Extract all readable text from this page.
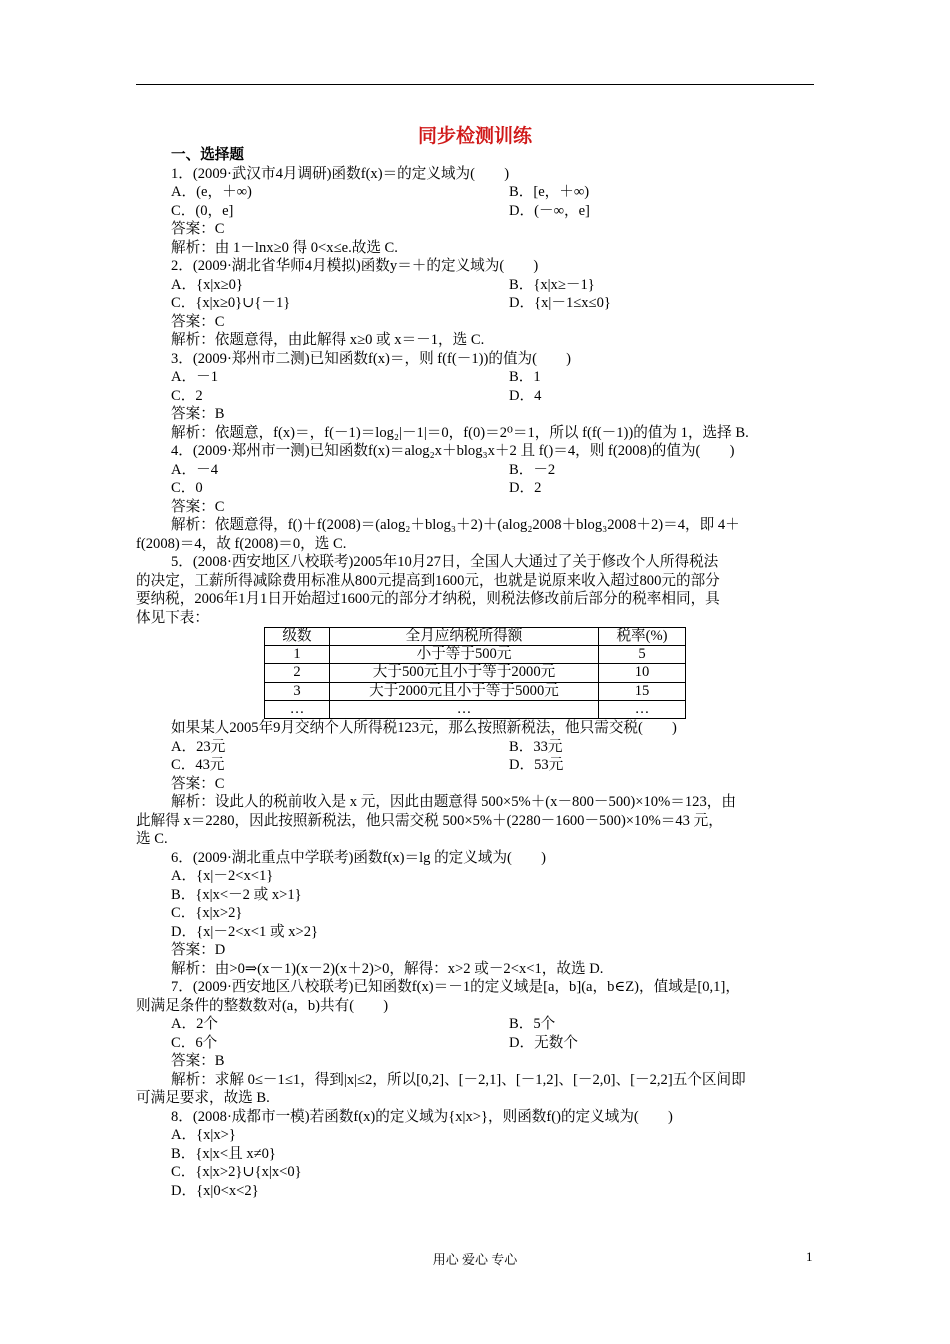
同步检测训练
一、选择题
1．(2009·武汉市4月调研)函数f(x)＝的定义域为(　　)
A．(e，＋∞)	B．[e，＋∞)
C．(0，e]	D．(－∞，e]
答案：C
解析：由 1－lnx≥0 得 0<x≤e.故选 C.
2．(2009·湖北省华师4月模拟)函数y＝＋的定义域为(　　)
A．{x|x≥0}	B．{x|x≥－1}
C．{x|x≥0}∪{－1}	D．{x|－1≤x≤0}
答案：C
解析：依题意得，由此解得 x≥0 或 x＝－1，选 C.
3．(2009·郑州市二测)已知函数f(x)＝，则 f(f(－1))的值为(　　)
A．－1	B．1
C．2	D．4
答案：B
解析：依题意，f(x)＝，f(－1)＝log₂|－1|＝0，f(0)＝2⁰＝1，所以 f(f(－1))的值为 1，选择 B.
4．(2009·郑州市一测)已知函数f(x)＝alog₂x＋blog₃x＋2 且 f()＝4，则 f(2008)的值为(　　)
A．－4	B．－2
C．0	D．2
答案：C
解析：依题意得，f()＋f(2008)＝(alog₂＋blog₃＋2)＋(alog₂2008＋blog₃2008＋2)＝4，即 4＋
f(2008)＝4，故 f(2008)＝0，选 C.
5．(2008·西安地区八校联考)2005年10月27日，全国人大通过了关于修改个人所得税法
的决定，工薪所得减除费用标准从800元提高到1600元，也就是说原来收入超过800元的部分
要纳税，2006年1月1日开始超过1600元的部分才纳税，则税法修改前后部分的税率相同，具
体见下表：
级数	全月应纳税所得额	税率(%)
1	小于等于500元	5
2	大于500元且小于等于2000元	10
3	大于2000元且小于等于5000元	15
…	…	…
如果某人2005年9月交纳个人所得税123元，那么按照新税法，他只需交税(　　)
A．23元	B．33元
C．43元	D．53元
答案：C
解析：设此人的税前收入是 x 元，因此由题意得 500×5%＋(x－800－500)×10%＝123，由
此解得 x＝2280，因此按照新税法，他只需交税 500×5%＋(2280－1600－500)×10%＝43 元，
选 C.
6．(2009·湖北重点中学联考)函数f(x)＝lg 的定义域为(　　)
A．{x|－2<x<1}
B．{x|x<－2 或 x>1}
C．{x|x>2}
D．{x|－2<x<1 或 x>2}
答案：D
解析：由>0⇒(x－1)(x－2)(x＋2)>0，解得：x>2 或－2<x<1，故选 D.
7．(2009·西安地区八校联考)已知函数f(x)＝－1的定义域是[a，b](a，b∈Z)，值域是[0,1]，
则满足条件的整数数对(a，b)共有(　　)
A．2个	B．5个
C．6个	D．无数个
答案：B
解析：求解 0≤－1≤1，得到|x|≤2，所以[0,2]、[－2,1]、[－1,2]、[－2,0]、[－2,2]五个区间即
可满足要求，故选 B.
8．(2008·成都市一模)若函数f(x)的定义域为{x|x>}，则函数f()的定义域为(　　)
A．{x|x>}
B．{x|x<且 x≠0}
C．{x|x>2}∪{x|x<0}
D．{x|0<x<2}
用心 爱心 专心	1
